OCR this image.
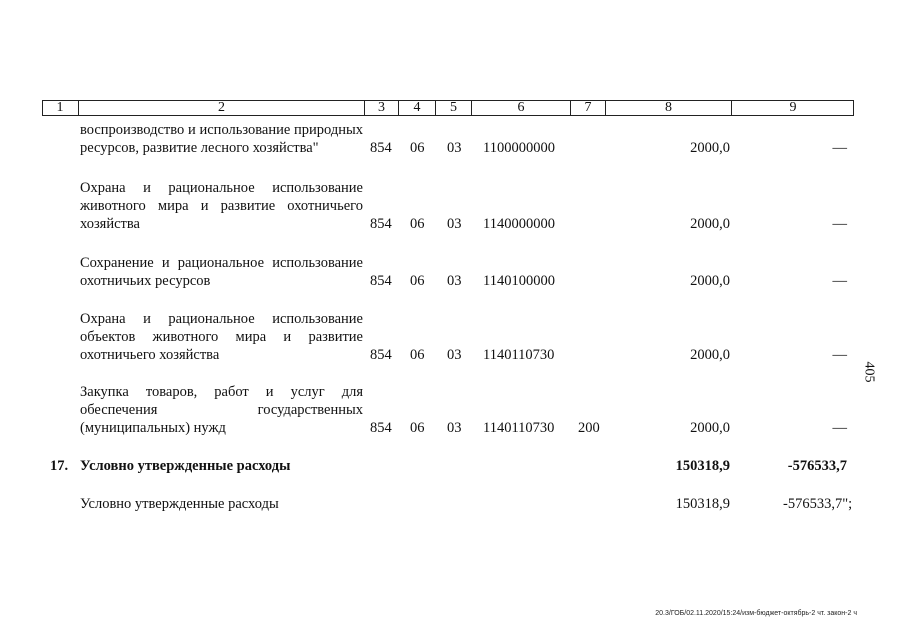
1	2	3	4	5	6	7	8	9
воспроизводство и использование природных ресурсов, развитие лесного хозяйства"	854 06 03 1100000000	2000,0	—
Охрана и рациональное использование животного мира и развитие охотничьего хозяйства	854 06 03 1140000000	2000,0	—
Сохранение и рациональное использование охотничьих ресурсов	854 06 03 1140100000	2000,0	—
Охрана и рациональное использование объектов животного мира и развитие охотничьего хозяйства	854 06 03 1140110730	2000,0	—
Закупка товаров, работ и услуг для обеспечения государственных (муниципальных) нужд	854 06 03 1140110730 200	2000,0	—
17. Условно утвержденные расходы	150318,9	-576533,7
Условно утвержденные расходы	150318,9	-576533,7";
405
20.3/ГОБ/02.11.2020/15:24/изм-бюджет-октябрь-2 чт. закон-2 ч
